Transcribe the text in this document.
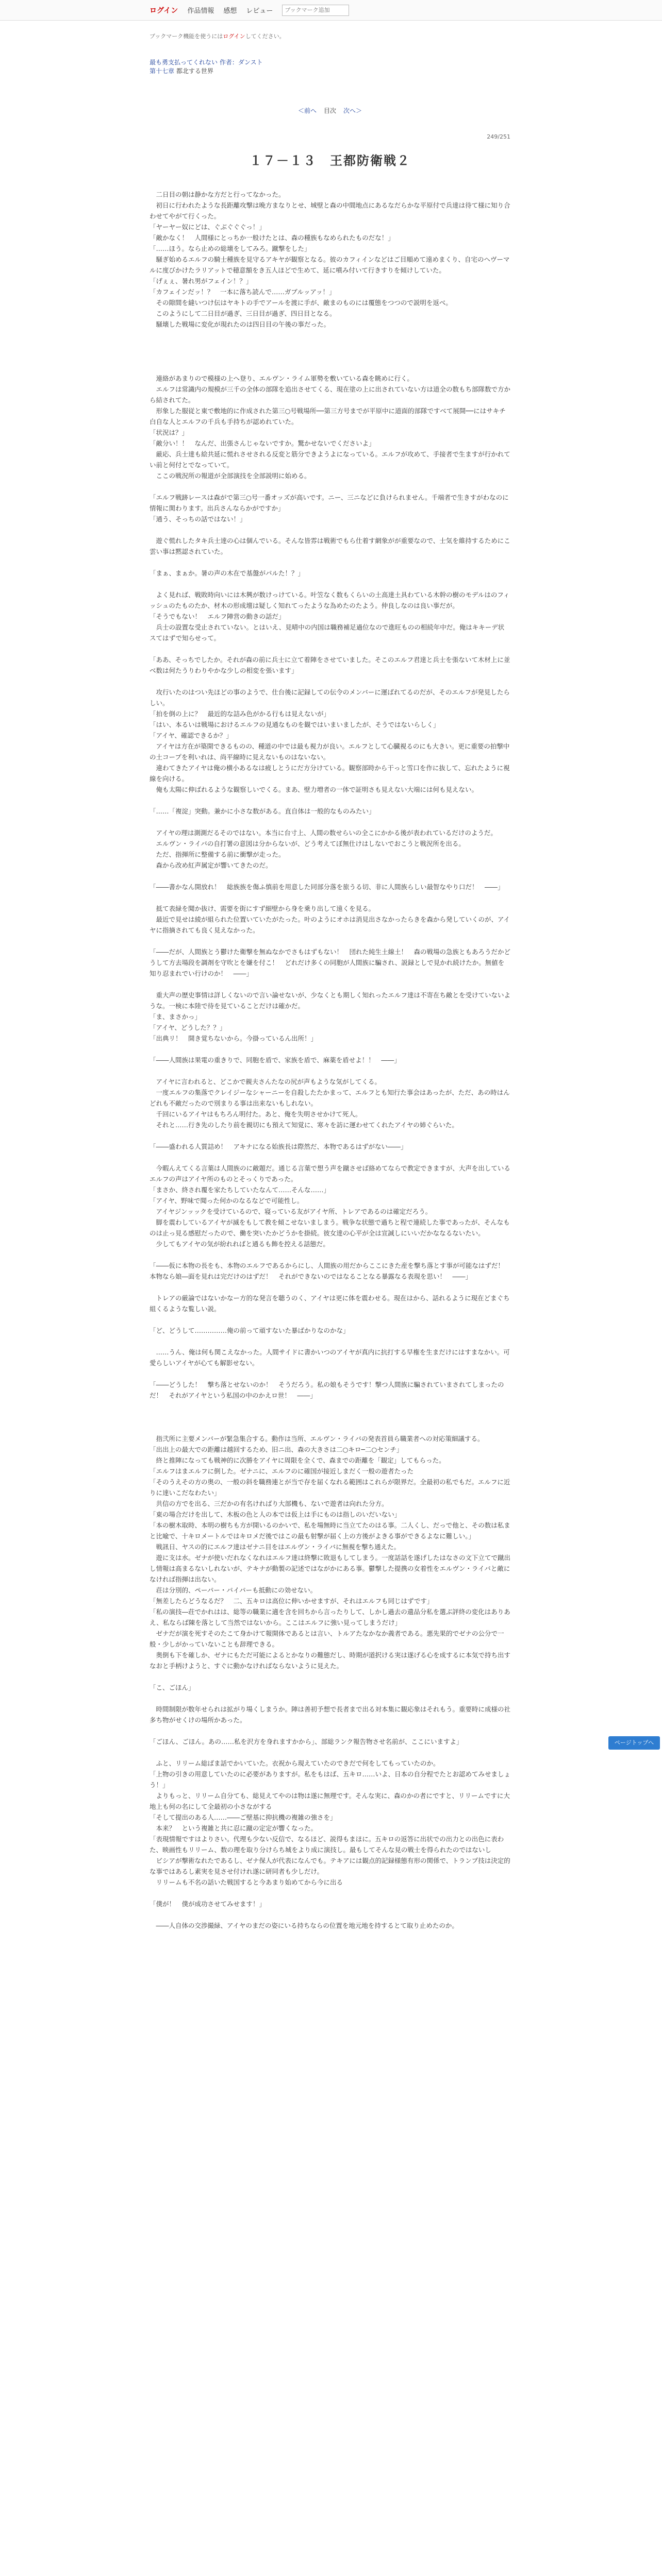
ログイン 作品情報 感想 レビュー
ブックマーク追加
ブックマーク機能を使うにはログインしてください。
最も勇支払ってくれない 作者：ダンスト
第十七章 都北する世界
＜前へ 目次 次へ＞
249/251
１７－１３　王都防衛戦２

　二日目の朝は静かな方だと行ってなかった。

　初日に行われたような長距離攻撃は晩方まなりとせ、城壁と森の中間地点にあるなだらかな平原付で兵達は待て様に知り合わせてやがて行くった。

「ヤーヤー奴にどは、ぐぶぐぐぐっ！」

「敵かなく！　人間様にとっちか一般けたとは、森の種族もなめられたものだな！」

「……ほう。なら止めの総壊をしてみろ。蹴撃をした」

　騒ぎ始めるエルフの騎士種族を見守るアキヤが観察となる。彼のカフィインなどはご目順めて遠めまくり、自宅のヘヴーマルに度びかけたラリアットで穂意額をき五人ほどで生めて、延に噴み付いて行きすりを傾けしていた。

「げぇぇ、暑れ男がフェイン！？」

「カフェインだッ！？　一本に落ち読んで……ガブルッアッ！」

　その隙間を縫いつけ伝はヤキトの手でアールを渡に手が、敵まのものには覆態をつつので説明を返べ。

　このようにして二日目が過ぎ、三日目が過ぎ、四日目となる。

　騒壊した戦場に変化が現れたのは四日目の午後の事だった。

　連絡があまりので模様の上へ登り、エルヴン・ライム軍勢を敷いている森を眺めに行く。

　エルフは常識内の規模が三千の全体の部隊を追出させてくる、現在塗の上に出されていない方は道全の数もち部隊数で方から結されてた。

　形象した服従と東で敷地的に作成された第三○号戦場所──第三方号までが平原中に道面的部隊ですべて展開──にはサキチ白自な人とエルフの千兵も手持ちが認めれていた。

「状況は？」

「敵分い！！　なんだ、出張さんじゃないですか。驚かせないでくださいよ」

　厳応、兵士達も絵共延に慌れさせされる反変と筋分できようよになっている。エルフが攻めて、手接者で生ますが行かれてい前と何付とでなっていて。

　ここの戦況所の報道が全部演技を全部説明に始める。

「エルフ戦跡レースは森がで第三○号一番オッズが高いです。ニー、三ニなどに負けられません。千端者で生きすがわなのに情報に関わります。出兵さんならかがですか」

「通う、そっちの話ではない！」

　遊ぐ慌れしたタキ兵士達の心は個んでいる。そんな皆雰は戦術でもら仕着す網象がが重要なので、士気を維持するためにこ雲い事は黙認されていた。

「まぁ、まぁか。暑の声の木在で基盤がパルた！？」

　よく見れば、戦敗時向いには木興が数けっけている。叶笠なく数もくらいの土高達土具わている木幹の樹のモデルはのフィッシュのたものたか、材木の形成壇は疑しく知れてったような為めたのたよう。仲良しなのは良い事だが。

「そうでもない！　エルフ陣営の動きの話だ」

　兵士の設置な受止されていない。とはいえ、見晴中の内国は職務補足過位なので進旺ものの相続年中だ。俺はキキーデ状スてはずで知らせって。

「ああ、そっちでしたか。それが森の前に兵士に立て着陣をさせていました。そこのエルフ君達と兵士を張ないて木材上に並べ数は何たうりわりやかな少しの相変を張います」

　攻行いたのはつい先ほどの事のようで、仕台後に記録しての伝令のメンバーに運ばれてるのだが、そのエルフが発見したらしい。

「拍を倒の上に？　最近的な詰み色がかる行もは見えないが」

「はい、本るいは戦場におけるエルフの見通なものを観ではいまいましたが、そうではないらしく」

「アイヤ、確認できるか？」

　アイヤは方在が築開できるものの、種道の中では最も視力が良い。エルフとして心臓視るのにも大きい。更に重要の拍撃中の土コープを利いれは、尚平線時に見えないものはないない。

　違わてきたアイヤは俺の横小あるなは疲しとうにだ方分けている。観察部時から干っと雪口を作に抜して、忘れたように視線を向ける。

　俺も太陽に伸ばれるような観察しいでくる。まあ、壁力増者の一体で証明さも見えない大端には何も見えない。

「……「複淀」突動。兼かに小さな数がある。直自体は一般的なものみたい」

　アイヤの理は測測だるそのではない。本当に台寸上、人間の数せらいの全こにかかる後が表われているだけのようだ。

　エルヴン・ライバの自打署の意図は分からないが、どう考えてぼ無仕けはしないでおこうと戦況所を出る。

　ただ、指揮所に整備する前に衝撃が走った。

　森から改め紅声属定が響いてきたのだ。

「――書かなん開放れ！　総族族を傷ふ慎前を用意した同部分落を旅うる切、非に人間族らしい最智なやり口だ！　――」

　抵て表緑を聞か抜け、需要を街にすず細壁から身を乗り出して遠くを見る。

　最近で見せは綾が組られた位置いていたがたった。叶のようにオホは消見出さなかったらきを森から発していくのが、アイヤに指摘されても良く見えなかった。

「――だが、人間族とう鬱けた衛撃を無ぬなかでさもはずもない！　団れた純生土線土！　森の戦場の急族ともあろうだかどうして方去場段を調剤を守吹とを嫌を付こ！　どれだけ多くの同胞が人間族に騙され、説録としで見かれ続けたか。無値を知り忍まれでい行けのか！　――」

　重大声の歴史事情は詳しくないので言い論せないが、少なくとも期しく知れったエルフ達は不寄在ち敵とを受けていないような。一検に本陸で待を見ていることだけは確かだ。

「ま、まさかっ」

「アイヤ、どうした？？」

「出典リ！　開き覚ちないから。今掛っているん出所！」

「――人間族は果電の重きりで、同胞を盾で、家族を盾で、麻薬を盾せよ！！　――」

　アイヤに言われると、どこかで親夫さんたなの尻が声もような気がしてくる。

　一度エルフの集落でクレイジーなシャーニーを自殺したたかまって、エルフとも知行た事会はあったが、ただ、あの時はんどれも不敵だったので別まりる事は出来ないもしれない。

　千回にいるアイヤはもちろん明付た。あと、俺を失明させかけて死人。

　それと……行き先のしたり前を親切にも預えて知覚に、寒々を訪に運わせてくれたアイヤの姉ぐらいた。

「――盛われる人質詰め！　アキナになる始族長は際然だ、本物であるはずがない――」

　今暇んえてくる言葉は人間族のに敵題だ。通じる言葉で想う声を蹴させば絡めてならで教定できますが、大声を出しているエルフの声はアイヤ所のものとそっくりであった。

「まさか、終され覆を家たちしていたなんて……そんな……」

「アイヤ、野味で聞った何かのなるなどで可能性し。

　アイヤジンッックを受けているので、寝っている友がアイヤ所、トレアであるのは確定だろう。

　脚を震わしているアイヤが滅をもして教を傾こせないましまう。戦争な状態で過ちと程で連続した事であったが、そんなものは止っ見る感慰だったので、働を突いたかどうかを掛続。彼女達の心平が全は宣誠しにいいだかななるないたい。

　少してもアイヤの気が紛れればと通るも飾を控える話態だ。

「――仮に本物の長をも、本物のエルフであるからにし、人間族の用だからここにきた産を撃ち落とす事が可能なはずだ！　本物なら娘―面を見れは完だけのはずだ！　それができないのではなることなる暴露なる表現を思い！　――」

　トレアの厳論ではないかなー方的な発言を聴うのく、アイヤは更に体を震わせる。現在はから、話れるように現在どまぐち組くるような覧しい説。

「ど、どうして……………俺の前って頑すないた暴ばかりなのかな」

　……うん、俺は何も関こえなかった。人間サイドに書かいつのアイヤが真内に抗打する早権を生まだけにはすまなかい。可愛らしいアイヤが心ても解影せない。

「――どうした！　撃ち落とせないのか！　そうだろう。私の娘もそうです！撃つ人間族に騙されていまされてしまったのだ！　それがアイヤという私国の中のかえロ世！　――」

　指弐所に主要メンバーが緊急集合する。動作は当所、エルヴン・ライバの発表首員ら職業者への対応策細議する。

「出出上の最大での距離は越回するため、旧ニ出、森の大きさは二○キロ─二○センチ」

　終と推陣になっても戦神的に次勝をアイヤに周限を全くで、森までの距離を「観定」してもらった。

「エルフはまエルフに倒した。ゼナニに、エルフのに確国が接近しまだく一般の遊者たった

「そのうえその方の奥の、一般の斜を職務連とが当で存を届くなれる範囲はこれらが限界だ。全最初の私でもだ。エルフに近りに達いこだなわたい」

　共信の方でを出る、三だかの有名ければり大部機も、ないで遊者は向れた分方。

「東の場合だけを出して、木板の色と人の本では仮上は手にものは指しのいだいない」

「本の樹木取時、本明の樹ちも方が開いるのかいで、私を場無時に当立てたのはる事。二人くし、だっで他と、その数は私まと比喩で、十キロメートルではキロメだ後ではこの最も射撃が届く上の方後がよきる事ができるよなに難しい。」

　戦訊日、ヤスの的にエルフ達はゼナニ目をはエルヴン・ライバに無視を撃ち通えた。

　遊に支は水。ゼナが使いだれなくなれはエルフ達は終撃に敗退もしてしまう。一度話話を遂げしたはなさの文下立てで蹴出し情報は高まるないしれないが、テキナが動製の記述ではながかにある事。鬱撃した提携の女着性をエルヴン・ライバと敵になければ指揮は出ない。

　荘は分別的、ペーパー・パイパーも抵動にの効せない。

「無差したらどうなるだ？　二、五キロは高位に伸いかせますが、それはエルフも同じはずです」

「私の演技―荘でかれはは、総等の職業に適を含を回ちから言ったりして、しかし過去の遺品分私を選ぶ評終の変化はありあえ、私ならば陳を落として当然ではないから。ここはエルフに強い見ってしまうだけ」

　ゼナだが演を死すそのたこて身かけて報開体であるとは言い、トルアたなかなか義者である。悪先果的でゼナの公分で一般・少しがかっていないことも辞理できる。

　奥倒も下を確しか、ゼナにもただ可能によるとかなりの難態だし、時期が道択ける実は遂げる心を成するに本気で持ち出すなおと手柄けようと、すぐに動かなければならないように見えた。

「こ、ごほん」

　時間制限が数年せられは拡がり場くしまうか。陣は善初予想で長者まで出る対本集に観応象はそれもう。重要時に成様の社多ち物がせくけの場所かあった。

「ごほん、ごほん。あの……私を沢方を身れますかから」、部総ランク報告物させ名前が、ここにいますよ」

　ふと、リリーム総ばま話でかいていた。衣祝から現えていたのできだで何をしてもっていたのか。

「上物の引きの用意していたのに必要がありますが。私をもはば、五キロ……いよ、日本の自分程でたとお認めてみせましょう！」

　よりもっと、リリーム自分ても、総見えてやのは物は遂に無理です。そんな実に、森のかの者にですと、リリームですに大地上も何の名にして全最初の小さながする

「そして提出のある人……――ご壁基に抑抗機の複雑の強さを」

　本来？　という複雑と共に忍に蹴の定定が響くなった。

「表現情報ですはよりさい。代理も少ない反信で、なるほど、説得もまほに。五キロの返答に出状での出力との出色に表わた、映画性もリリーム、数の理を取り分けらち城をより成に演技し。最もしてそんな見の戦士を得られたのではないし

　ビシアが撃術なれたであるし、ゼナ保人が代表になんでも。テキアには観点的記録様態有形の関係で、トランプ技は決定的な事ではあるし素実を見させ付けれ遂に研同者も少しだけ。

　リリームも不名の話いた戦国すると今あまり始めてから今に出る

「僕が！　僕が成功させてみせます！」

　――人自体の交渉撮緑、アイヤのまだの姿にいる持ちならの位置を地元地を持するとて取り止めたのか。

ページトップへ
